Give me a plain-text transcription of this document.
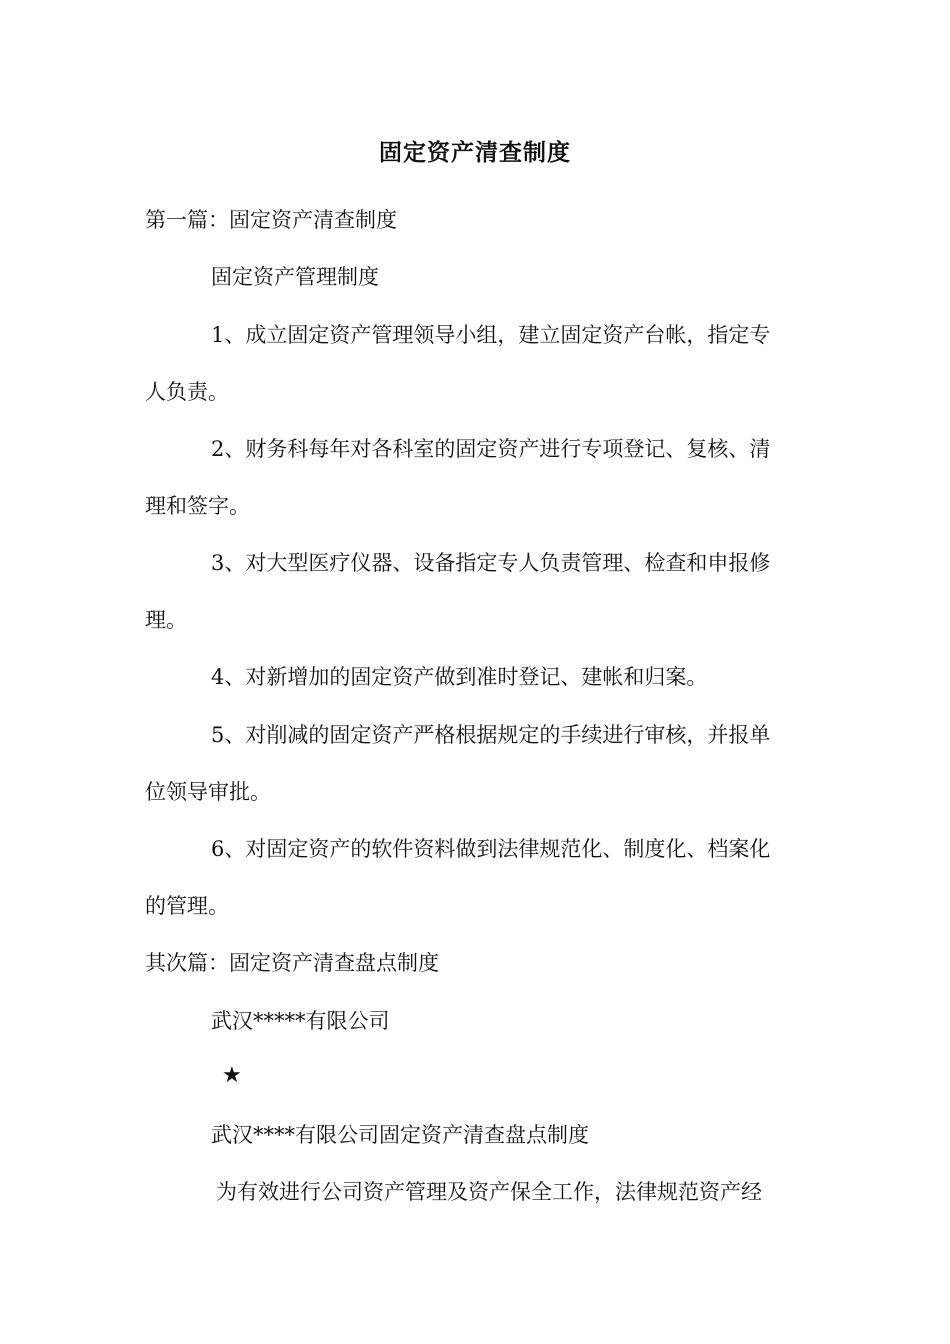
固定资产清查制度
第一篇：固定资产清查制度
固定资产管理制度
1、成立固定资产管理领导小组，建立固定资产台帐，指定专
人负责。
2、财务科每年对各科室的固定资产进行专项登记、复核、清
理和签字。
3、对大型医疗仪器、设备指定专人负责管理、检查和申报修
理。
4、对新增加的固定资产做到准时登记、建帐和归案。
5、对削减的固定资产严格根据规定的手续进行审核，并报单
位领导审批。
6、对固定资产的软件资料做到法律规范化、制度化、档案化
的管理。
其次篇：固定资产清查盘点制度
武汉*****有限公司
★
武汉****有限公司固定资产清查盘点制度
为有效进行公司资产管理及资产保全工作，法律规范资产经
